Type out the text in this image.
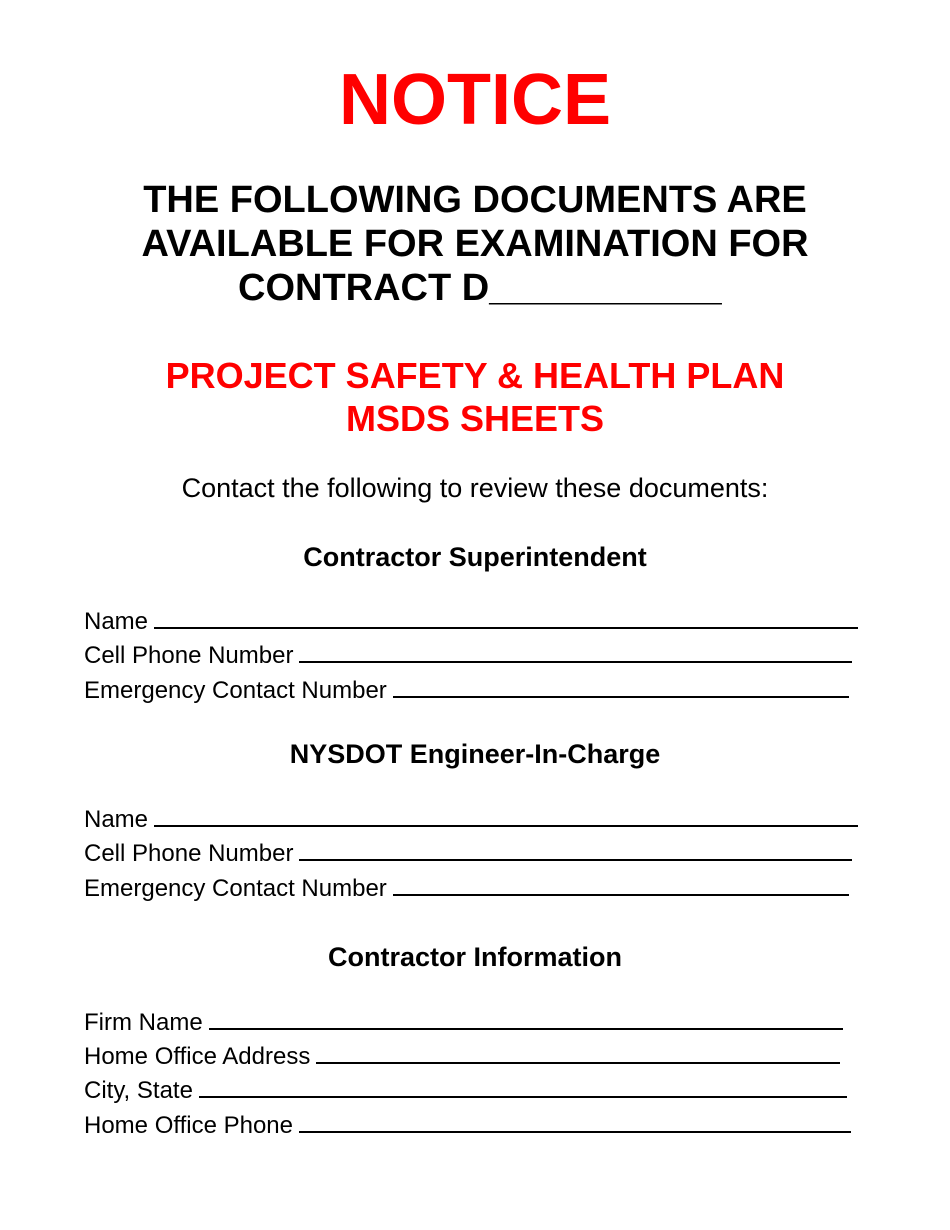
NOTICE
THE FOLLOWING DOCUMENTS ARE
AVAILABLE FOR EXAMINATION FOR
CONTRACT D___________
PROJECT SAFETY & HEALTH PLAN
MSDS SHEETS
Contact the following to review these documents:
Contractor Superintendent
Name
Cell Phone Number
Emergency Contact Number
NYSDOT Engineer-In-Charge
Name
Cell Phone Number
Emergency Contact Number
Contractor Information
Firm Name
Home Office Address
City, State
Home Office Phone
